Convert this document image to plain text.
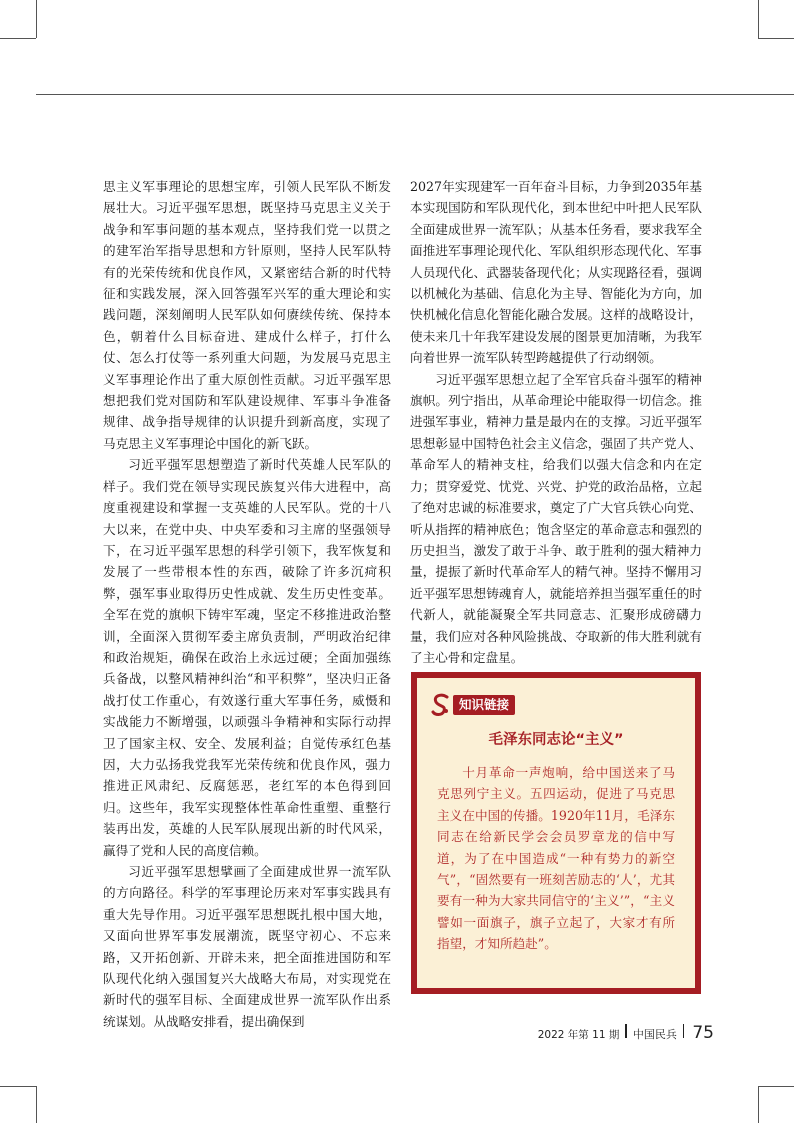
思主义军事理论的思想宝库，引领人民军队不断发展壮大。习近平强军思想，既坚持马克思主义关于战争和军事问题的基本观点，坚持我们党一以贯之的建军治军指导思想和方针原则，坚持人民军队特有的光荣传统和优良作风，又紧密结合新的时代特征和实践发展，深入回答强军兴军的重大理论和实践问题，深刻阐明人民军队如何赓续传统、保持本色，朝着什么目标奋进、建成什么样子，打什么仗、怎么打仗等一系列重大问题，为发展马克思主义军事理论作出了重大原创性贡献。习近平强军思想把我们党对国防和军队建设规律、军事斗争准备规律、战争指导规律的认识提升到新高度，实现了马克思主义军事理论中国化的新飞跃。

习近平强军思想塑造了新时代英雄人民军队的样子。我们党在领导实现民族复兴伟大进程中，高度重视建设和掌握一支英雄的人民军队。党的十八大以来，在党中央、中央军委和习主席的坚强领导下，在习近平强军思想的科学引领下，我军恢复和发展了一些带根本性的东西，破除了许多沉疴积弊，强军事业取得历史性成就、发生历史性变革。全军在党的旗帜下铸牢军魂，坚定不移推进政治整训，全面深入贯彻军委主席负责制，严明政治纪律和政治规矩，确保在政治上永远过硬；全面加强练兵备战，以整风精神纠治“和平积弊”，坚决归正备战打仗工作重心，有效遂行重大军事任务，威慑和实战能力不断增强，以顽强斗争精神和实际行动捍卫了国家主权、安全、发展利益；自觉传承红色基因，大力弘扬我党我军光荣传统和优良作风，强力推进正风肃纪、反腐惩恶，老红军的本色得到回归。这些年，我军实现整体性革命性重塑、重整行装再出发，英雄的人民军队展现出新的时代风采，赢得了党和人民的高度信赖。

习近平强军思想擘画了全面建成世界一流军队的方向路径。科学的军事理论历来对军事实践具有重大先导作用。习近平强军思想既扎根中国大地，又面向世界军事发展潮流，既坚守初心、不忘来路，又开拓创新、开辟未来，把全面推进国防和军队现代化纳入强国复兴大战略大布局，对实现党在新时代的强军目标、全面建成世界一流军队作出系统谋划。从战略安排看，提出确保到

2027年实现建军一百年奋斗目标，力争到2035年基本实现国防和军队现代化，到本世纪中叶把人民军队全面建成世界一流军队；从基本任务看，要求我军全面推进军事理论现代化、军队组织形态现代化、军事人员现代化、武器装备现代化；从实现路径看，强调以机械化为基础、信息化为主导、智能化为方向，加快机械化信息化智能化融合发展。这样的战略设计，使未来几十年我军建设发展的图景更加清晰，为我军向着世界一流军队转型跨越提供了行动纲领。

习近平强军思想立起了全军官兵奋斗强军的精神旗帜。列宁指出，从革命理论中能取得一切信念。推进强军事业，精神力量是最内在的支撑。习近平强军思想彰显中国特色社会主义信念，强固了共产党人、革命军人的精神支柱，给我们以强大信念和内在定力；贯穿爱党、忧党、兴党、护党的政治品格，立起了绝对忠诚的标准要求，奠定了广大官兵铁心向党、听从指挥的精神底色；饱含坚定的革命意志和强烈的历史担当，激发了敢于斗争、敢于胜利的强大精神力量，提振了新时代革命军人的精气神。坚持不懈用习近平强军思想铸魂育人，就能培养担当强军重任的时代新人，就能凝聚全军共同意志、汇聚形成磅礴力量，我们应对各种风险挑战、夺取新的伟大胜利就有了主心骨和定盘星。

知识链接
毛泽东同志论“主义”

十月革命一声炮响，给中国送来了马克思列宁主义。五四运动，促进了马克思主义在中国的传播。1920年11月，毛泽东同志在给新民学会会员罗章龙的信中写道，为了在中国造成“一种有势力的新空气”，“固然要有一班刻苦励志的‘人’，尤其要有一种为大家共同信守的‘主义’”，“主义譬如一面旗子，旗子立起了，大家才有所指望，才知所趋赴”。

2022 年第 11 期 中国民兵 75
